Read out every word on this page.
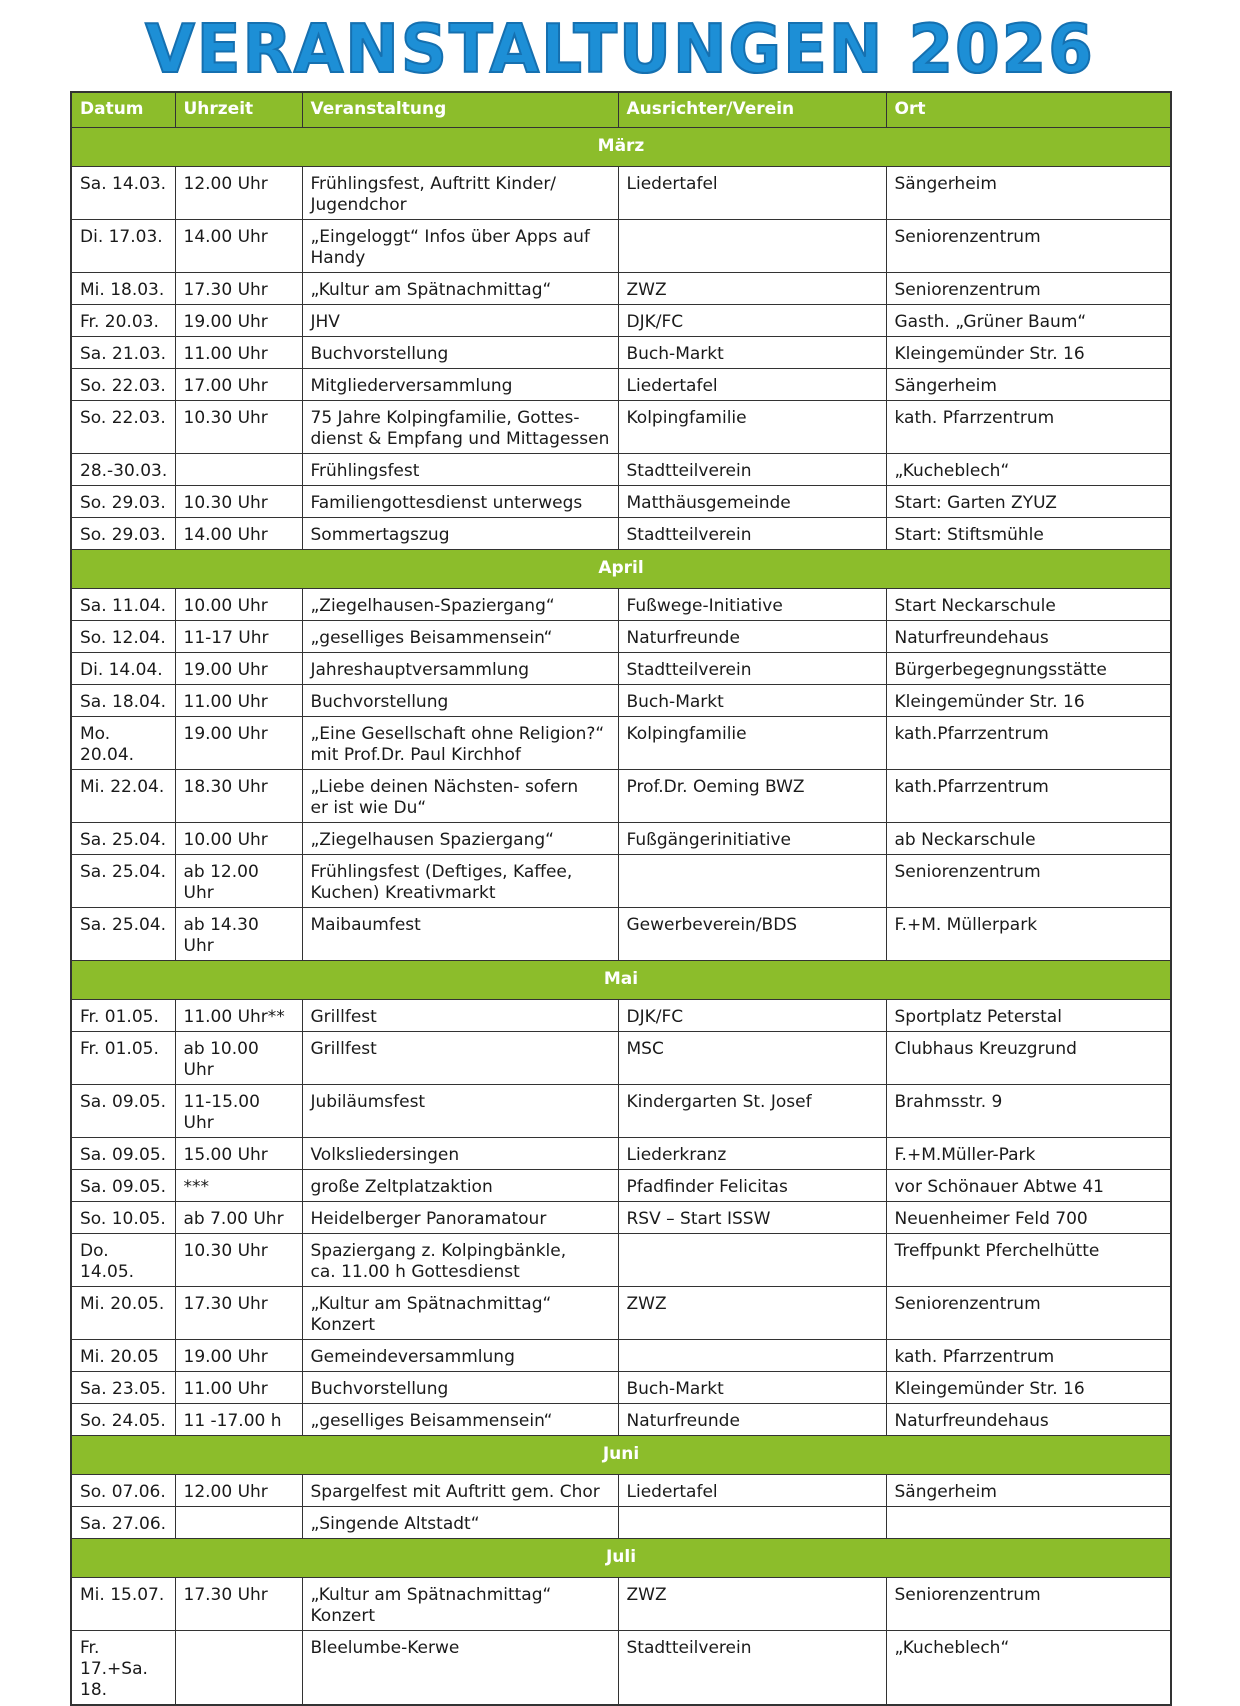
VERANSTALTUNGEN 2026
Datum	Uhrzeit	Veranstaltung	Ausrichter/Verein	Ort
März				
Sa. 14.03.	12.00 Uhr	Frühlingsfest, Auftritt Kinder/
Jugendchor	Liedertafel	Sängerheim
Di. 17.03.	14.00 Uhr	„Eingeloggt“ Infos über Apps auf Handy		Seniorenzentrum
Mi. 18.03.	17.30 Uhr	„Kultur am Spätnachmittag“	ZWZ	Seniorenzentrum
Fr. 20.03.	19.00 Uhr	JHV	DJK/FC	Gasth. „Grüner Baum“
Sa. 21.03.	11.00 Uhr	Buchvorstellung	Buch-Markt	Kleingemünder Str. 16
So. 22.03.	17.00 Uhr	Mitgliederversammlung	Liedertafel	Sängerheim
So. 22.03.	10.30 Uhr	75 Jahre Kolpingfamilie, Gottes-
dienst & Empfang und Mittagessen	Kolpingfamilie	kath. Pfarrzentrum
28.-30.03.		Frühlingsfest	Stadtteilverein	„Kucheblech“
So. 29.03.	10.30 Uhr	Familiengottesdienst unterwegs	Matthäusgemeinde	Start: Garten ZYUZ
So. 29.03.	14.00 Uhr	Sommertagszug	Stadtteilverein	Start: Stiftsmühle
April				
Sa. 11.04.	10.00 Uhr	„Ziegelhausen-Spaziergang“	Fußwege-Initiative	Start Neckarschule
So. 12.04.	11-17 Uhr	„geselliges Beisammensein“	Naturfreunde	Naturfreundehaus
Di. 14.04.	19.00 Uhr	Jahreshauptversammlung	Stadtteilverein	Bürgerbegegnungsstätte
Sa. 18.04.	11.00 Uhr	Buchvorstellung	Buch-Markt	Kleingemünder Str. 16
Mo. 20.04.	19.00 Uhr	„Eine Gesellschaft ohne Religion?“
mit Prof.Dr. Paul Kirchhof	Kolpingfamilie	kath.Pfarrzentrum
Mi. 22.04.	18.30 Uhr	„Liebe deinen Nächsten- sofern
er ist wie Du“	Prof.Dr. Oeming BWZ	kath.Pfarrzentrum
Sa. 25.04.	10.00 Uhr	„Ziegelhausen Spaziergang“	Fußgängerinitiative	ab Neckarschule
Sa. 25.04.	ab 12.00 Uhr	Frühlingsfest (Deftiges, Kaffee,
Kuchen) Kreativmarkt		Seniorenzentrum
Sa. 25.04.	ab 14.30 Uhr	Maibaumfest	Gewerbeverein/BDS	F.+M. Müllerpark
Mai				
Fr. 01.05.	11.00 Uhr**	Grillfest	DJK/FC	Sportplatz Peterstal
Fr. 01.05.	ab 10.00 Uhr	Grillfest	MSC	Clubhaus Kreuzgrund
Sa. 09.05.	11-15.00 Uhr	Jubiläumsfest	Kindergarten St. Josef	Brahmsstr. 9
Sa. 09.05.	15.00 Uhr	Volksliedersingen	Liederkranz	F.+M.Müller-Park
Sa. 09.05.	***	große Zeltplatzaktion	Pfadfinder Felicitas	vor Schönauer Abtwe 41
So. 10.05.	ab 7.00 Uhr	Heidelberger Panoramatour	RSV – Start ISSW	Neuenheimer Feld 700
Do. 14.05.	10.30 Uhr	Spaziergang z. Kolpingbänkle,
ca. 11.00 h Gottesdienst		Treffpunkt Pferchelhütte
Mi. 20.05.	17.30 Uhr	„Kultur am Spätnachmittag“ Konzert	ZWZ	Seniorenzentrum
Mi. 20.05	19.00 Uhr	Gemeindeversammlung		kath. Pfarrzentrum
Sa. 23.05.	11.00 Uhr	Buchvorstellung	Buch-Markt	Kleingemünder Str. 16
So. 24.05.	11 -17.00 h	„geselliges Beisammensein“	Naturfreunde	Naturfreundehaus
Juni				
So. 07.06.	12.00 Uhr	Spargelfest mit Auftritt gem. Chor	Liedertafel	Sängerheim
Sa. 27.06.		„Singende Altstadt“		
Juli				
Mi. 15.07.	17.30 Uhr	„Kultur am Spätnachmittag“
Konzert	ZWZ	Seniorenzentrum
Fr. 17.+Sa.
18.		Bleelumbe-Kerwe	Stadtteilverein	„Kucheblech“
